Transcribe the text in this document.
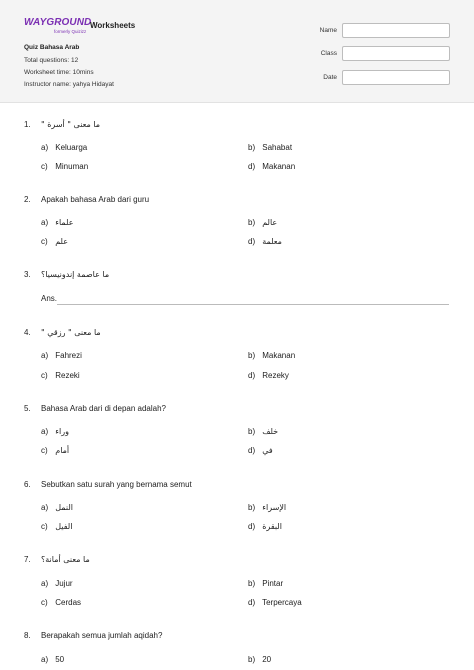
WAYGROUND
formerly Quizizz
Worksheets
Quiz Bahasa Arab
Total questions: 12
Worksheet time: 10mins
Instructor name: yahya Hidayat
Name
Class
Date
1. " ما معنى " أسرة
a) Keluarga	b) Sahabat
c) Minuman	d) Makanan
2. Apakah bahasa Arab dari guru
a) علماء	b) عالم
c) علم	d) معلمة
3. ما عاصمة إندونيسيا؟
Ans.
4. " ما معنى " رزقي
a) Fahrezi	b) Makanan
c) Rezeki	d) Rezeky
5. Bahasa Arab dari di depan adalah?
a) وراء	b) خلف
c) أمام	d) في
6. Sebutkan satu surah yang bernama semut
a) النمل	b) الإسراء
c) الفيل	d) البقرة
7. ما معنى أمانة؟
a) Jujur	b) Pintar
c) Cerdas	d) Terpercaya
8. Berapakah semua jumlah aqidah?
a) 50	b) 20
